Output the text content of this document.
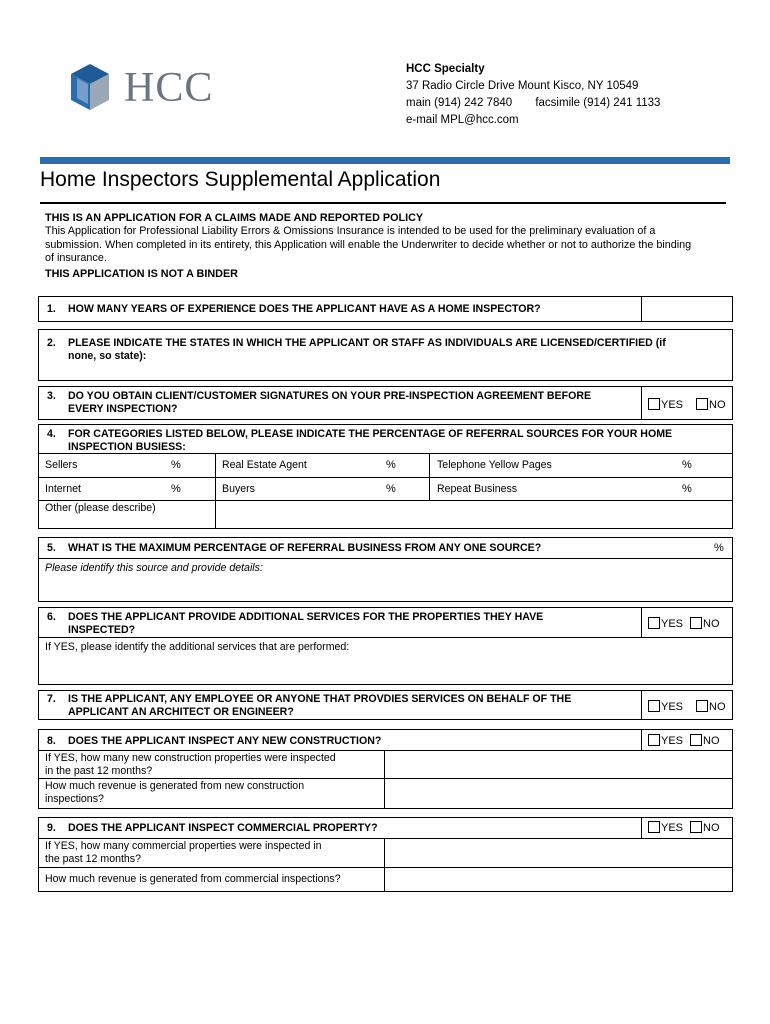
HCC	HCC Specialty
37 Radio Circle Drive Mount Kisco, NY 10549
main (914) 242 7840 facsimile (914) 241 1133
e-mail MPL@hcc.com
Home Inspectors Supplemental Application
THIS IS AN APPLICATION FOR A CLAIMS MADE AND REPORTED POLICY
This Application for Professional Liability Errors & Omissions Insurance is intended to be used for the preliminary evaluation of a
submission. When completed in its entirety, this Application will enable the Underwriter to decide whether or not to authorize the binding
of insurance.
THIS APPLICATION IS NOT A BINDER
1. HOW MANY YEARS OF EXPERIENCE DOES THE APPLICANT HAVE AS A HOME INSPECTOR?
2. PLEASE INDICATE THE STATES IN WHICH THE APPLICANT OR STAFF AS INDIVIDUALS ARE LICENSED/CERTIFIED (if
none, so state):
3. DO YOU OBTAIN CLIENT/CUSTOMER SIGNATURES ON YOUR PRE-INSPECTION AGREEMENT BEFORE
EVERY INSPECTION?	YES	NO
4. FOR CATEGORIES LISTED BELOW, PLEASE INDICATE THE PERCENTAGE OF REFERRAL SOURCES FOR YOUR HOME
INSPECTION BUSIESS:
Sellers	%	Real Estate Agent	%	Telephone Yellow Pages	%
Internet	%	Buyers	%	Repeat Business	%
Other (please describe)
5. WHAT IS THE MAXIMUM PERCENTAGE OF REFERRAL BUSINESS FROM ANY ONE SOURCE?	%
Please identify this source and provide details:
6. DOES THE APPLICANT PROVIDE ADDITIONAL SERVICES FOR THE PROPERTIES THEY HAVE
INSPECTED?	YES	NO
If YES, please identify the additional services that are performed:
7. IS THE APPLICANT, ANY EMPLOYEE OR ANYONE THAT PROVDIES SERVICES ON BEHALF OF THE
APPLICANT AN ARCHITECT OR ENGINEER?	YES	NO
8. DOES THE APPLICANT INSPECT ANY NEW CONSTRUCTION?	YES	NO
If YES, how many new construction properties were inspected
in the past 12 months?
How much revenue is generated from new construction
inspections?
9. DOES THE APPLICANT INSPECT COMMERCIAL PROPERTY?	YES	NO
If YES, how many commercial properties were inspected in
the past 12 months?
How much revenue is generated from commercial inspections?
